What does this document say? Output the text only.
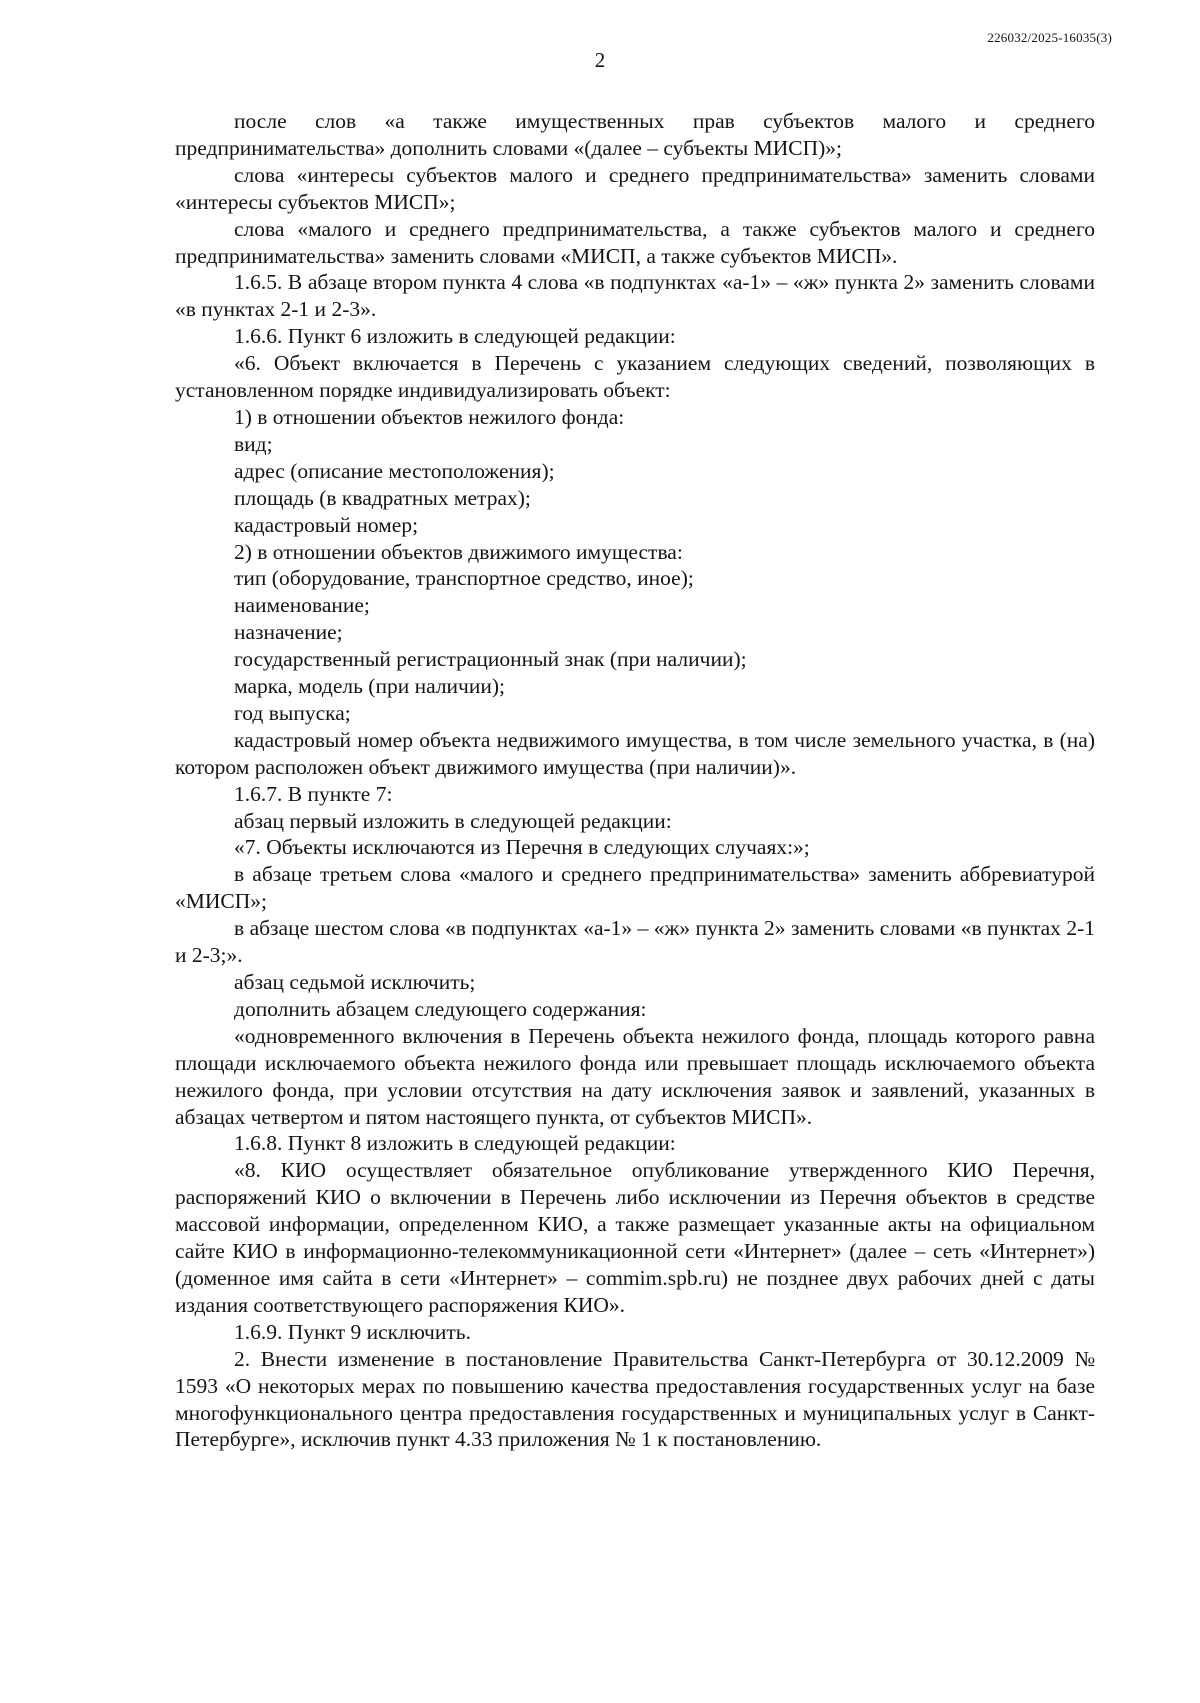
226032/2025-16035(3)
2

после слов «а также имущественных прав субъектов малого и среднего предпринимательства» дополнить словами «(далее – субъекты МИСП)»;

слова «интересы субъектов малого и среднего предпринимательства» заменить словами «интересы субъектов МИСП»;

слова «малого и среднего предпринимательства, а также субъектов малого и среднего предпринимательства» заменить словами «МИСП, а также субъектов МИСП».

1.6.5. В абзаце втором пункта 4 слова «в подпунктах «а-1» – «ж» пункта 2» заменить словами «в пунктах 2-1 и 2-3».

1.6.6. Пункт 6 изложить в следующей редакции:

«6. Объект включается в Перечень с указанием следующих сведений, позволяющих в установленном порядке индивидуализировать объект:

1) в отношении объектов нежилого фонда:

вид;

адрес (описание местоположения);

площадь (в квадратных метрах);

кадастровый номер;

2) в отношении объектов движимого имущества:

тип (оборудование, транспортное средство, иное);

наименование;

назначение;

государственный регистрационный знак (при наличии);

марка, модель (при наличии);

год выпуска;

кадастровый номер объекта недвижимого имущества, в том числе земельного участка, в (на) котором расположен объект движимого имущества (при наличии)».

1.6.7. В пункте 7:

абзац первый изложить в следующей редакции:

«7. Объекты исключаются из Перечня в следующих случаях:»;

в абзаце третьем слова «малого и среднего предпринимательства» заменить аббревиатурой «МИСП»;

в абзаце шестом слова «в подпунктах «а-1» – «ж» пункта 2» заменить словами «в пунктах 2-1 и 2-3;».

абзац седьмой исключить;

дополнить абзацем следующего содержания:

«одновременного включения в Перечень объекта нежилого фонда, площадь которого равна площади исключаемого объекта нежилого фонда или превышает площадь исключаемого объекта нежилого фонда, при условии отсутствия на дату исключения заявок и заявлений, указанных в абзацах четвертом и пятом настоящего пункта, от субъектов МИСП».

1.6.8. Пункт 8 изложить в следующей редакции:

«8. КИО осуществляет обязательное опубликование утвержденного КИО Перечня, распоряжений КИО о включении в Перечень либо исключении из Перечня объектов в средстве массовой информации, определенном КИО, а также размещает указанные акты на официальном сайте КИО в информационно-телекоммуникационной сети «Интернет» (далее – сеть «Интернет») (доменное имя сайта в сети «Интернет» – commim.spb.ru) не позднее двух рабочих дней с даты издания соответствующего распоряжения КИО».

1.6.9. Пункт 9 исключить.

2. Внести изменение в постановление Правительства Санкт-Петербурга от 30.12.2009 № 1593 «О некоторых мерах по повышению качества предоставления государственных услуг на базе многофункционального центра предоставления государственных и муниципальных услуг в Санкт-Петербурге», исключив пункт 4.33 приложения № 1 к постановлению.
